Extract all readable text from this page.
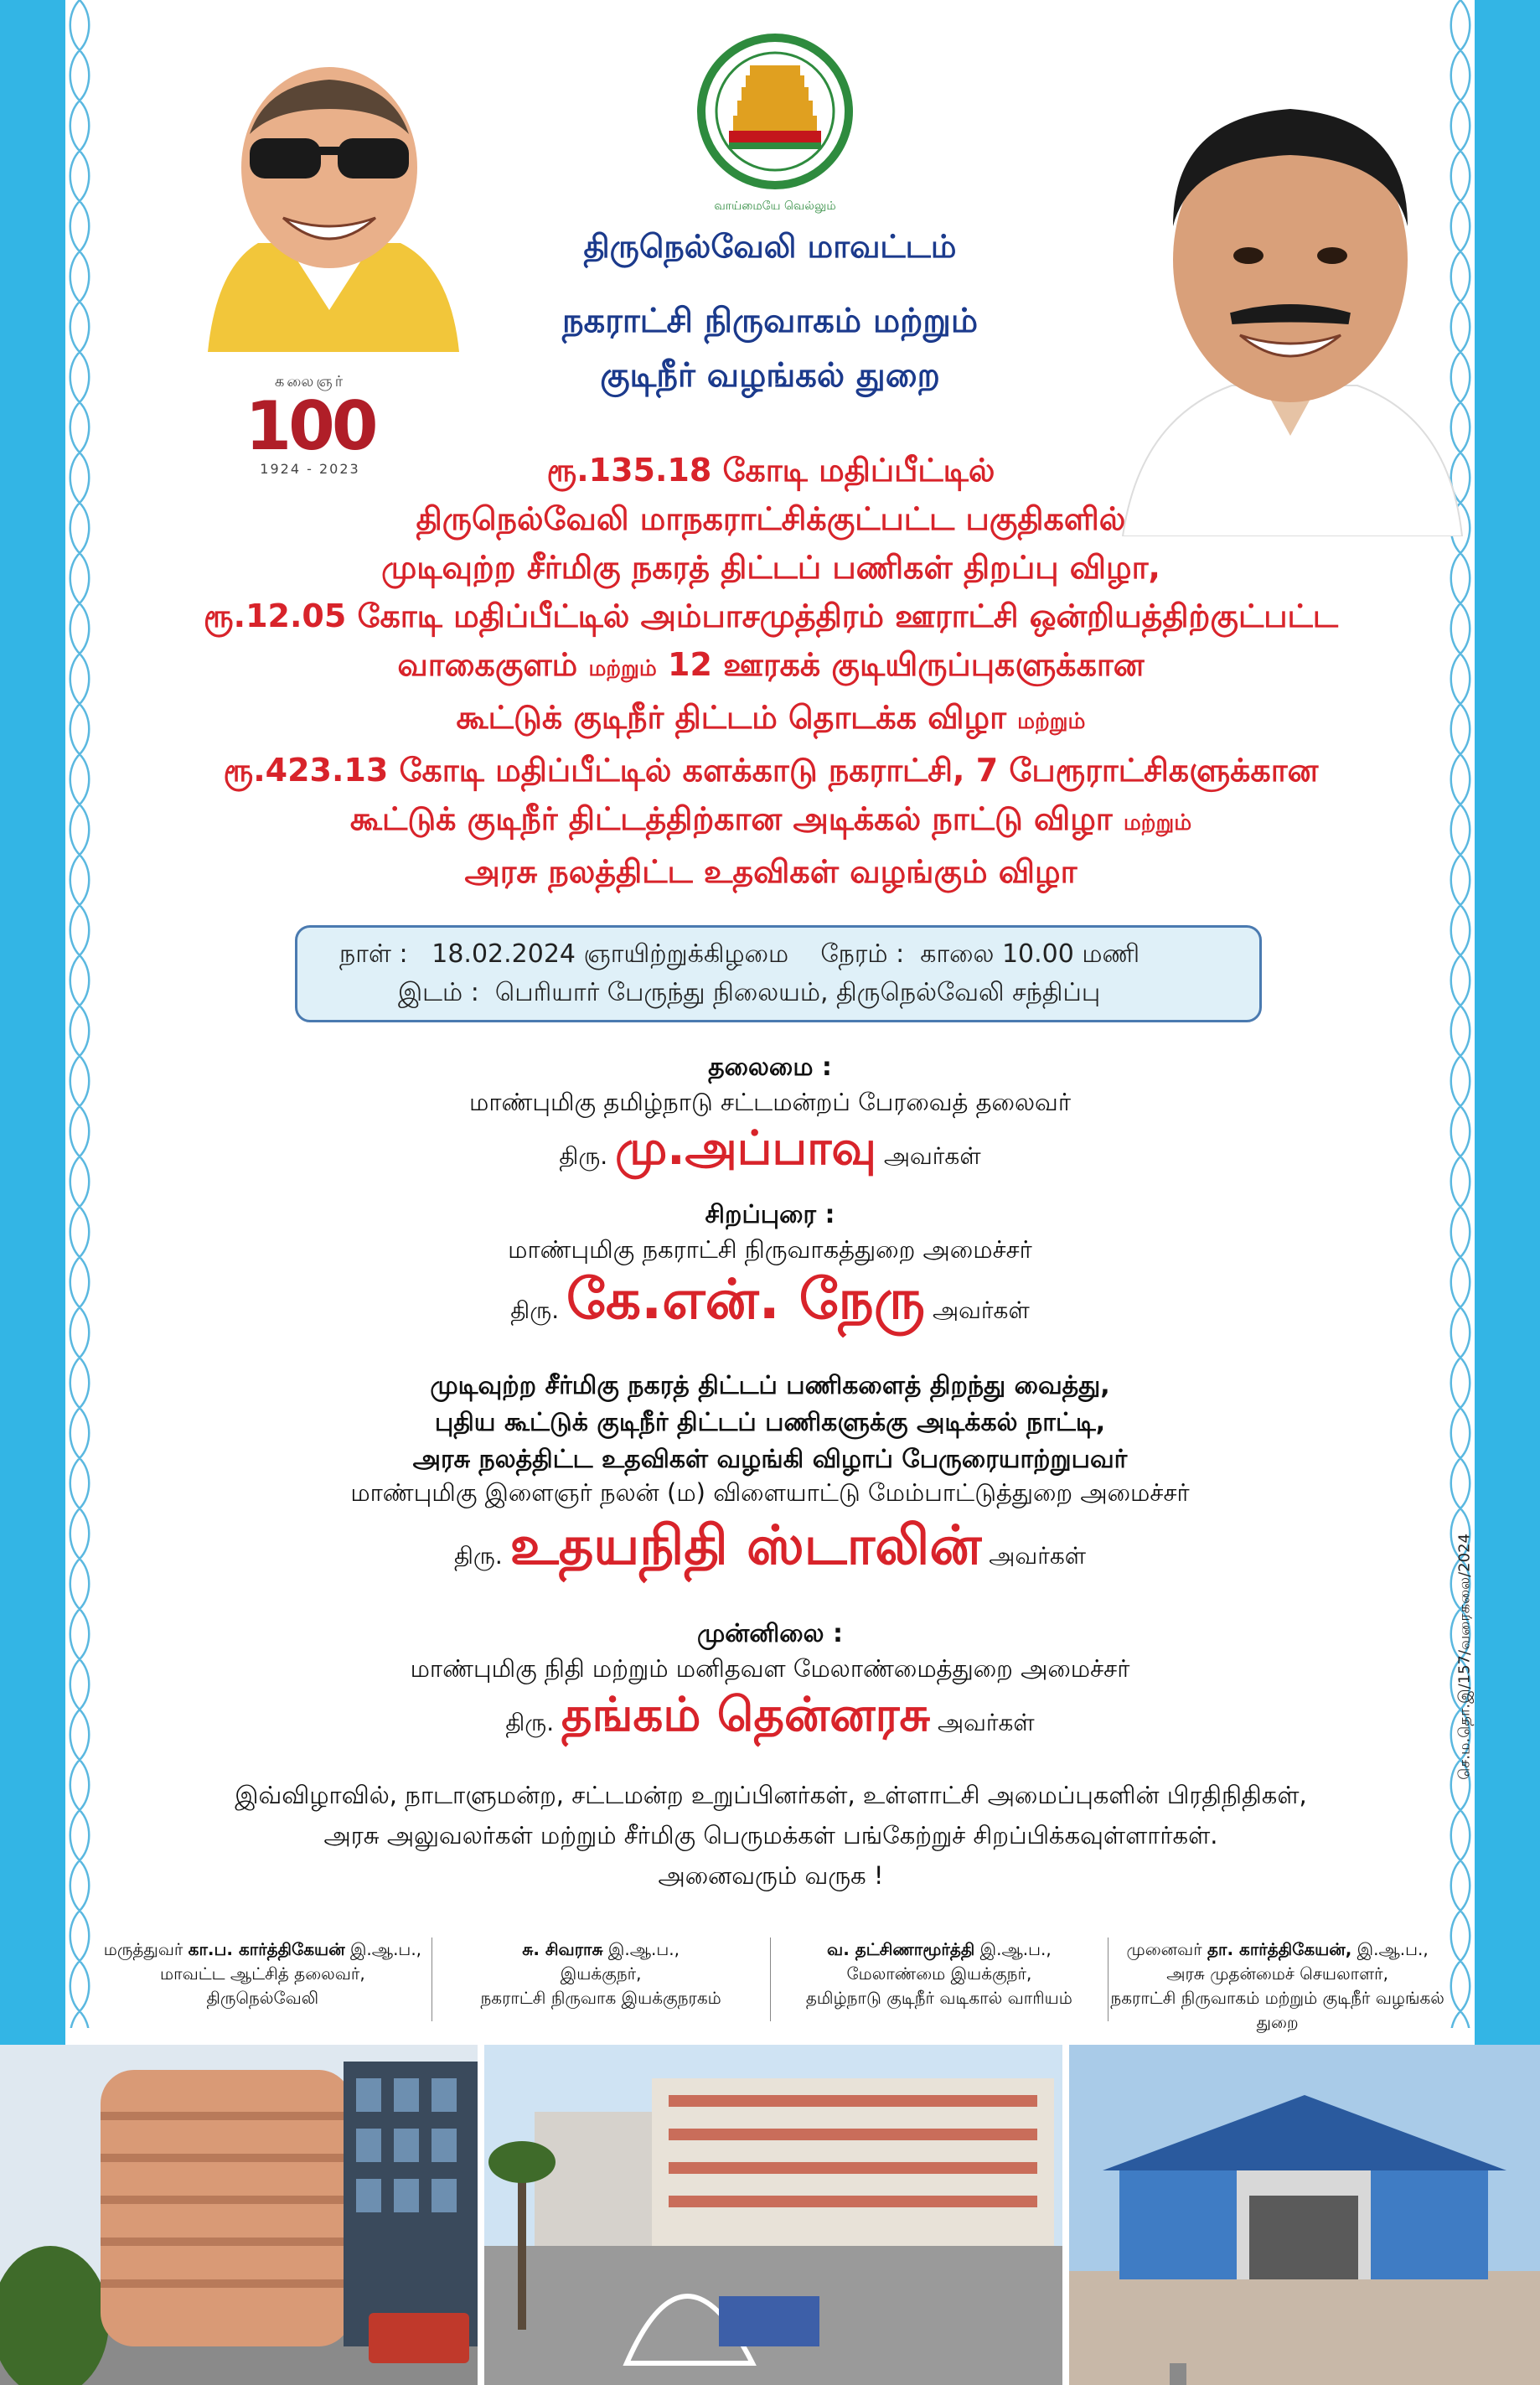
வாய்மையே வெல்லும்
கலைஞர்
100
1924 - 2023
திருநெல்வேலி மாவட்டம்
நகராட்சி நிருவாகம் மற்றும்
குடிநீர் வழங்கல் துறை
ரூ.135.18 கோடி மதிப்பீட்டில்
திருநெல்வேலி மாநகராட்சிக்குட்பட்ட பகுதிகளில்
முடிவுற்ற சீர்மிகு நகரத் திட்டப் பணிகள் திறப்பு விழா,
ரூ.12.05 கோடி மதிப்பீட்டில் அம்பாசமுத்திரம் ஊராட்சி ஒன்றியத்திற்குட்பட்ட
வாகைகுளம் மற்றும் 12 ஊரகக் குடியிருப்புகளுக்கான
கூட்டுக் குடிநீர் திட்டம் தொடக்க விழா மற்றும்
ரூ.423.13 கோடி மதிப்பீட்டில் களக்காடு நகராட்சி, 7 பேரூராட்சிகளுக்கான
கூட்டுக் குடிநீர் திட்டத்திற்கான அடிக்கல் நாட்டு விழா மற்றும்
அரசு நலத்திட்ட உதவிகள் வழங்கும் விழா
நாள் : 18.02.2024 ஞாயிற்றுக்கிழமை நேரம் : காலை 10.00 மணி
இடம் : பெரியார் பேருந்து நிலையம், திருநெல்வேலி சந்திப்பு
தலைமை :
மாண்புமிகு தமிழ்நாடு சட்டமன்றப் பேரவைத் தலைவர்
திரு. மு.அப்பாவு அவர்கள்
சிறப்புரை :
மாண்புமிகு நகராட்சி நிருவாகத்துறை அமைச்சர்
திரு. கே.என். நேரு அவர்கள்
முடிவுற்ற சீர்மிகு நகரத் திட்டப் பணிகளைத் திறந்து வைத்து,
புதிய கூட்டுக் குடிநீர் திட்டப் பணிகளுக்கு அடிக்கல் நாட்டி,
அரசு நலத்திட்ட உதவிகள் வழங்கி விழாப் பேருரையாற்றுபவர்
மாண்புமிகு இளைஞர் நலன் (ம) விளையாட்டு மேம்பாட்டுத்துறை அமைச்சர்
திரு. உதயநிதி ஸ்டாலின் அவர்கள்
முன்னிலை :
மாண்புமிகு நிதி மற்றும் மனிதவள மேலாண்மைத்துறை அமைச்சர்
திரு. தங்கம் தென்னரசு அவர்கள்	செ.ம.தொ.இ/157/வரைகலை/2024
இவ்விழாவில், நாடாளுமன்ற, சட்டமன்ற உறுப்பினர்கள், உள்ளாட்சி அமைப்புகளின் பிரதிநிதிகள்,
அரசு அலுவலர்கள் மற்றும் சீர்மிகு பெருமக்கள் பங்கேற்றுச் சிறப்பிக்கவுள்ளார்கள்.
அனைவரும் வருக !
மருத்துவர் கா.ப. கார்த்திகேயன் இ.ஆ.ப.,
மாவட்ட ஆட்சித் தலைவர்,
திருநெல்வேலி
சு. சிவராசு இ.ஆ.ப.,
இயக்குநர்,
நகராட்சி நிருவாக இயக்குநரகம்
வ. தட்சிணாமூர்த்தி இ.ஆ.ப.,
மேலாண்மை இயக்குநர்,
தமிழ்நாடு குடிநீர் வடிகால் வாரியம்
முனைவர் தா. கார்த்திகேயன், இ.ஆ.ப.,
அரசு முதன்மைச் செயலாளர்,
நகராட்சி நிருவாகம் மற்றும் குடிநீர் வழங்கல் துறை
